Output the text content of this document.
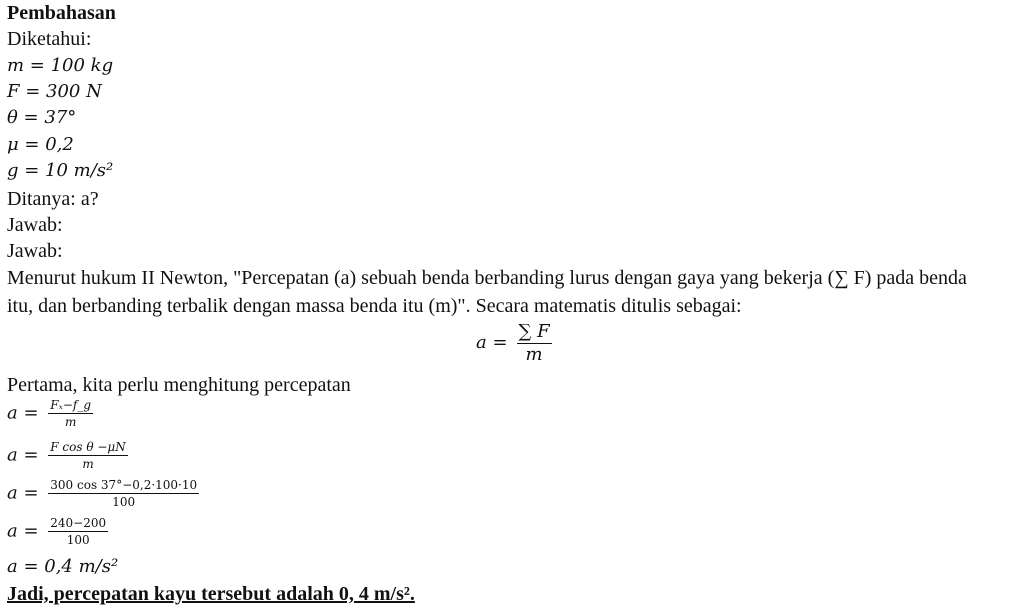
Pembahasan
Diketahui:
m = 100 kg
F = 300 N
θ = 37°
μ = 0,2
g = 10 m/s²
Ditanya: a?
Jawab:
Jawab:
Menurut hukum II Newton, "Percepatan (a) sebuah benda berbanding lurus dengan gaya yang bekerja (∑ F) pada benda
itu, dan berbanding terbalik dengan massa benda itu (m)". Secara matematis ditulis sebagai:
$a = \frac{\sum F}{m}$
Pertama, kita perlu menghitung percepatan
$a = \frac{\text{Fₓ−f\_g}}{m}$
$a = \frac{\text{F cos θ −μN}}{m}$
$a = \frac{300 \cos 37^\circ-0,2\cdot 100\cdot 10}{100}$
$a = \frac{240-200}{100}$
a = 0,4 m/s²
Jadi, percepatan kayu tersebut adalah 0, 4 m/s².
